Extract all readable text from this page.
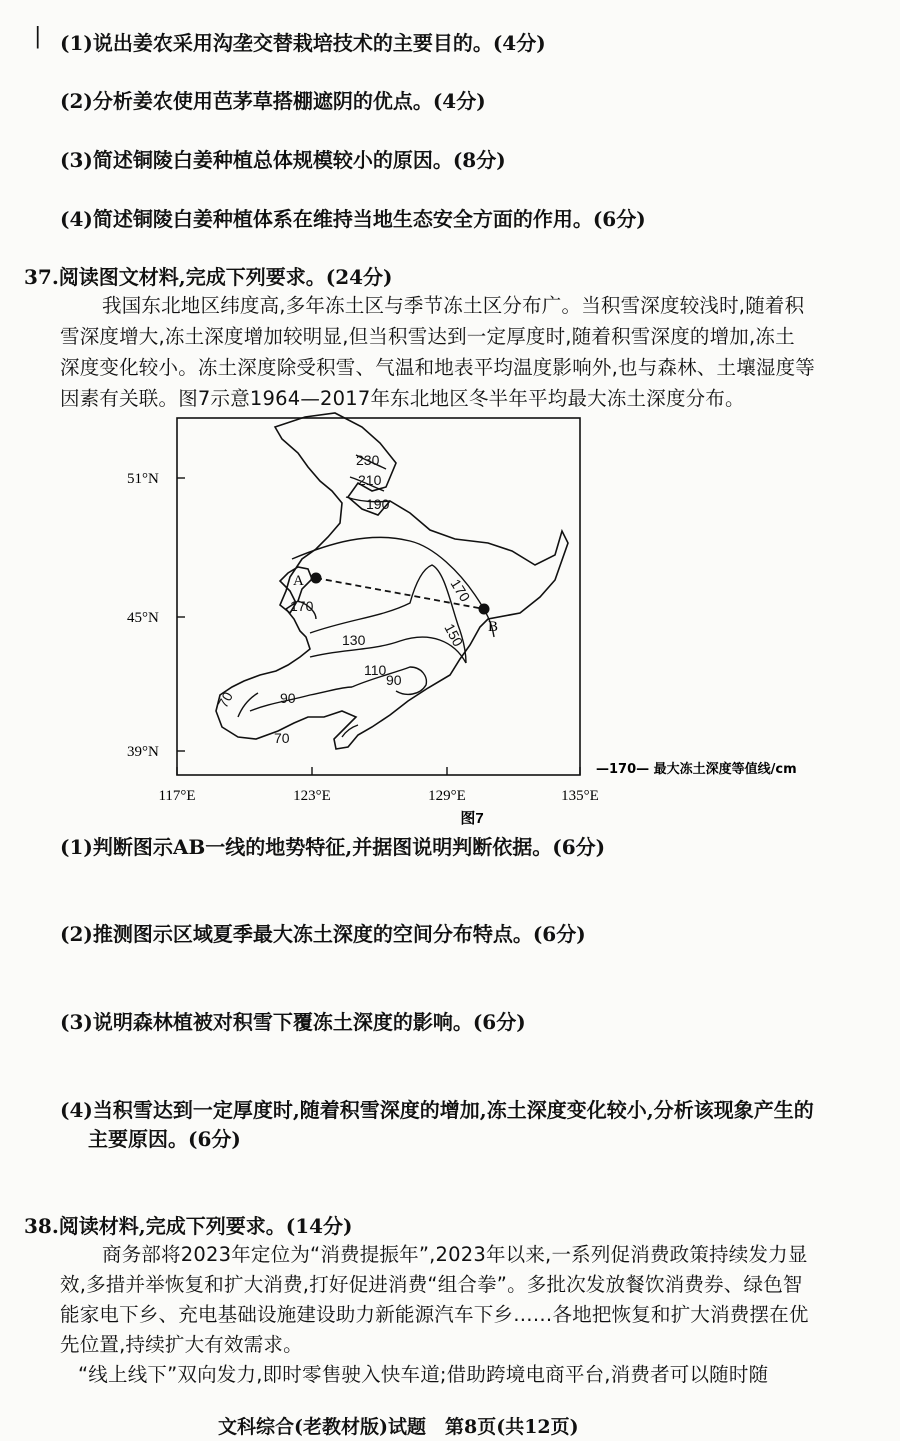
| (1)说出姜农采用沟垄交替栽培技术的主要目的。(4分)
(2)分析姜农使用芭茅草搭棚遮阴的优点。(4分)
(3)简述铜陵白姜种植总体规模较小的原因。(8分)
(4)简述铜陵白姜种植体系在维持当地生态安全方面的作用。(6分)
37.阅读图文材料,完成下列要求。(24分)
我国东北地区纬度高,多年冻土区与季节冻土区分布广。当积雪深度较浅时,随着积
雪深度增大,冻土深度增加较明显,但当积雪达到一定厚度时,随着积雪深度的增加,冻土
深度变化较小。冻土深度除受积雪、气温和地表平均温度影响外,也与森林、土壤湿度等
因素有关联。图7示意1964—2017年东北地区冬半年平均最大冻土深度分布。
230
210
190
170
170
150
130
110
90
90
70
70
A
B
51°N
45°N
39°N
117°E	123°E	129°E	135°E
图7
—170— 最大冻土深度等值线/cm
(1)判断图示AB一线的地势特征,并据图说明判断依据。(6分)
(2)推测图示区域夏季最大冻土深度的空间分布特点。(6分)
(3)说明森林植被对积雪下覆冻土深度的影响。(6分)
(4)当积雪达到一定厚度时,随着积雪深度的增加,冻土深度变化较小,分析该现象产生的
主要原因。(6分)
38.阅读材料,完成下列要求。(14分)
商务部将2023年定位为“消费提振年”,2023年以来,一系列促消费政策持续发力显
效,多措并举恢复和扩大消费,打好促进消费“组合拳”。多批次发放餐饮消费券、绿色智
能家电下乡、充电基础设施建设助力新能源汽车下乡……各地把恢复和扩大消费摆在优
先位置,持续扩大有效需求。
“线上线下”双向发力,即时零售驶入快车道;借助跨境电商平台,消费者可以随时随
文科综合(老教材版)试题　第8页(共12页)
